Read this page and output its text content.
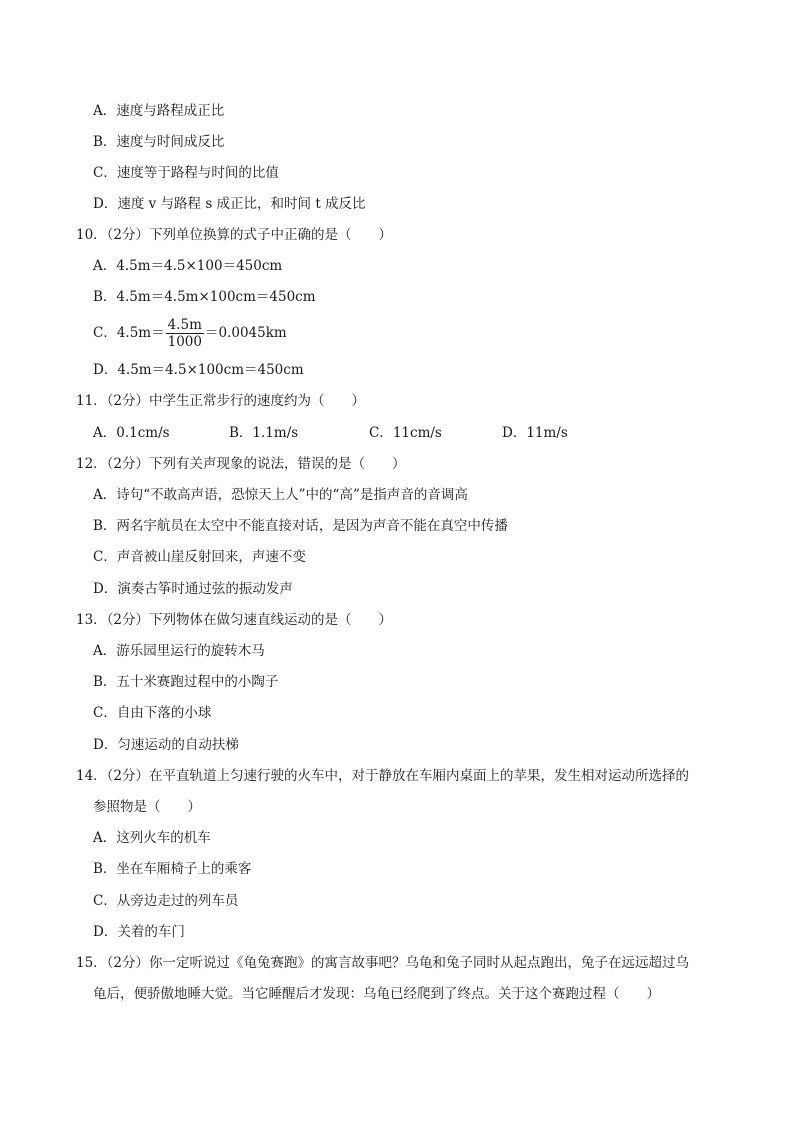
A．速度与路程成正比
B．速度与时间成反比
C．速度等于路程与时间的比值
D．速度 v 与路程 s 成正比，和时间 t 成反比
10．（2分）下列单位换算的式子中正确的是（　　）
A．4.5m＝4.5×100＝450cm
B．4.5m＝4.5m×100cm＝450cm
C．$4.5m= \frac{4.5m}{1000} =0.0045km$
D．4.5m＝4.5×100cm＝450cm
11．（2分）中学生正常步行的速度约为（　　）
A．0.1cm/s	B．1.1m/s	C．11cm/s	D．11m/s
12．（2分）下列有关声现象的说法，错误的是（　　）
A．诗句“不敢高声语，恐惊天上人”中的“高”是指声音的音调高
B．两名宇航员在太空中不能直接对话，是因为声音不能在真空中传播
C．声音被山崖反射回来，声速不变
D．演奏古筝时通过弦的振动发声
13．（2分）下列物体在做匀速直线运动的是（　　）
A．游乐园里运行的旋转木马
B．五十米赛跑过程中的小陶子
C．自由下落的小球
D．匀速运动的自动扶梯
14．（2分）在平直轨道上匀速行驶的火车中，对于静放在车厢内桌面上的苹果，发生相对运动所选择的
参照物是（　　）
A．这列火车的机车
B．坐在车厢椅子上的乘客
C．从旁边走过的列车员
D．关着的车门
15．（2分）你一定听说过《龟兔赛跑》的寓言故事吧？乌龟和兔子同时从起点跑出，兔子在远远超过乌
龟后，便骄傲地睡大觉。当它睡醒后才发现：乌龟已经爬到了终点。关于这个赛跑过程（　　）
